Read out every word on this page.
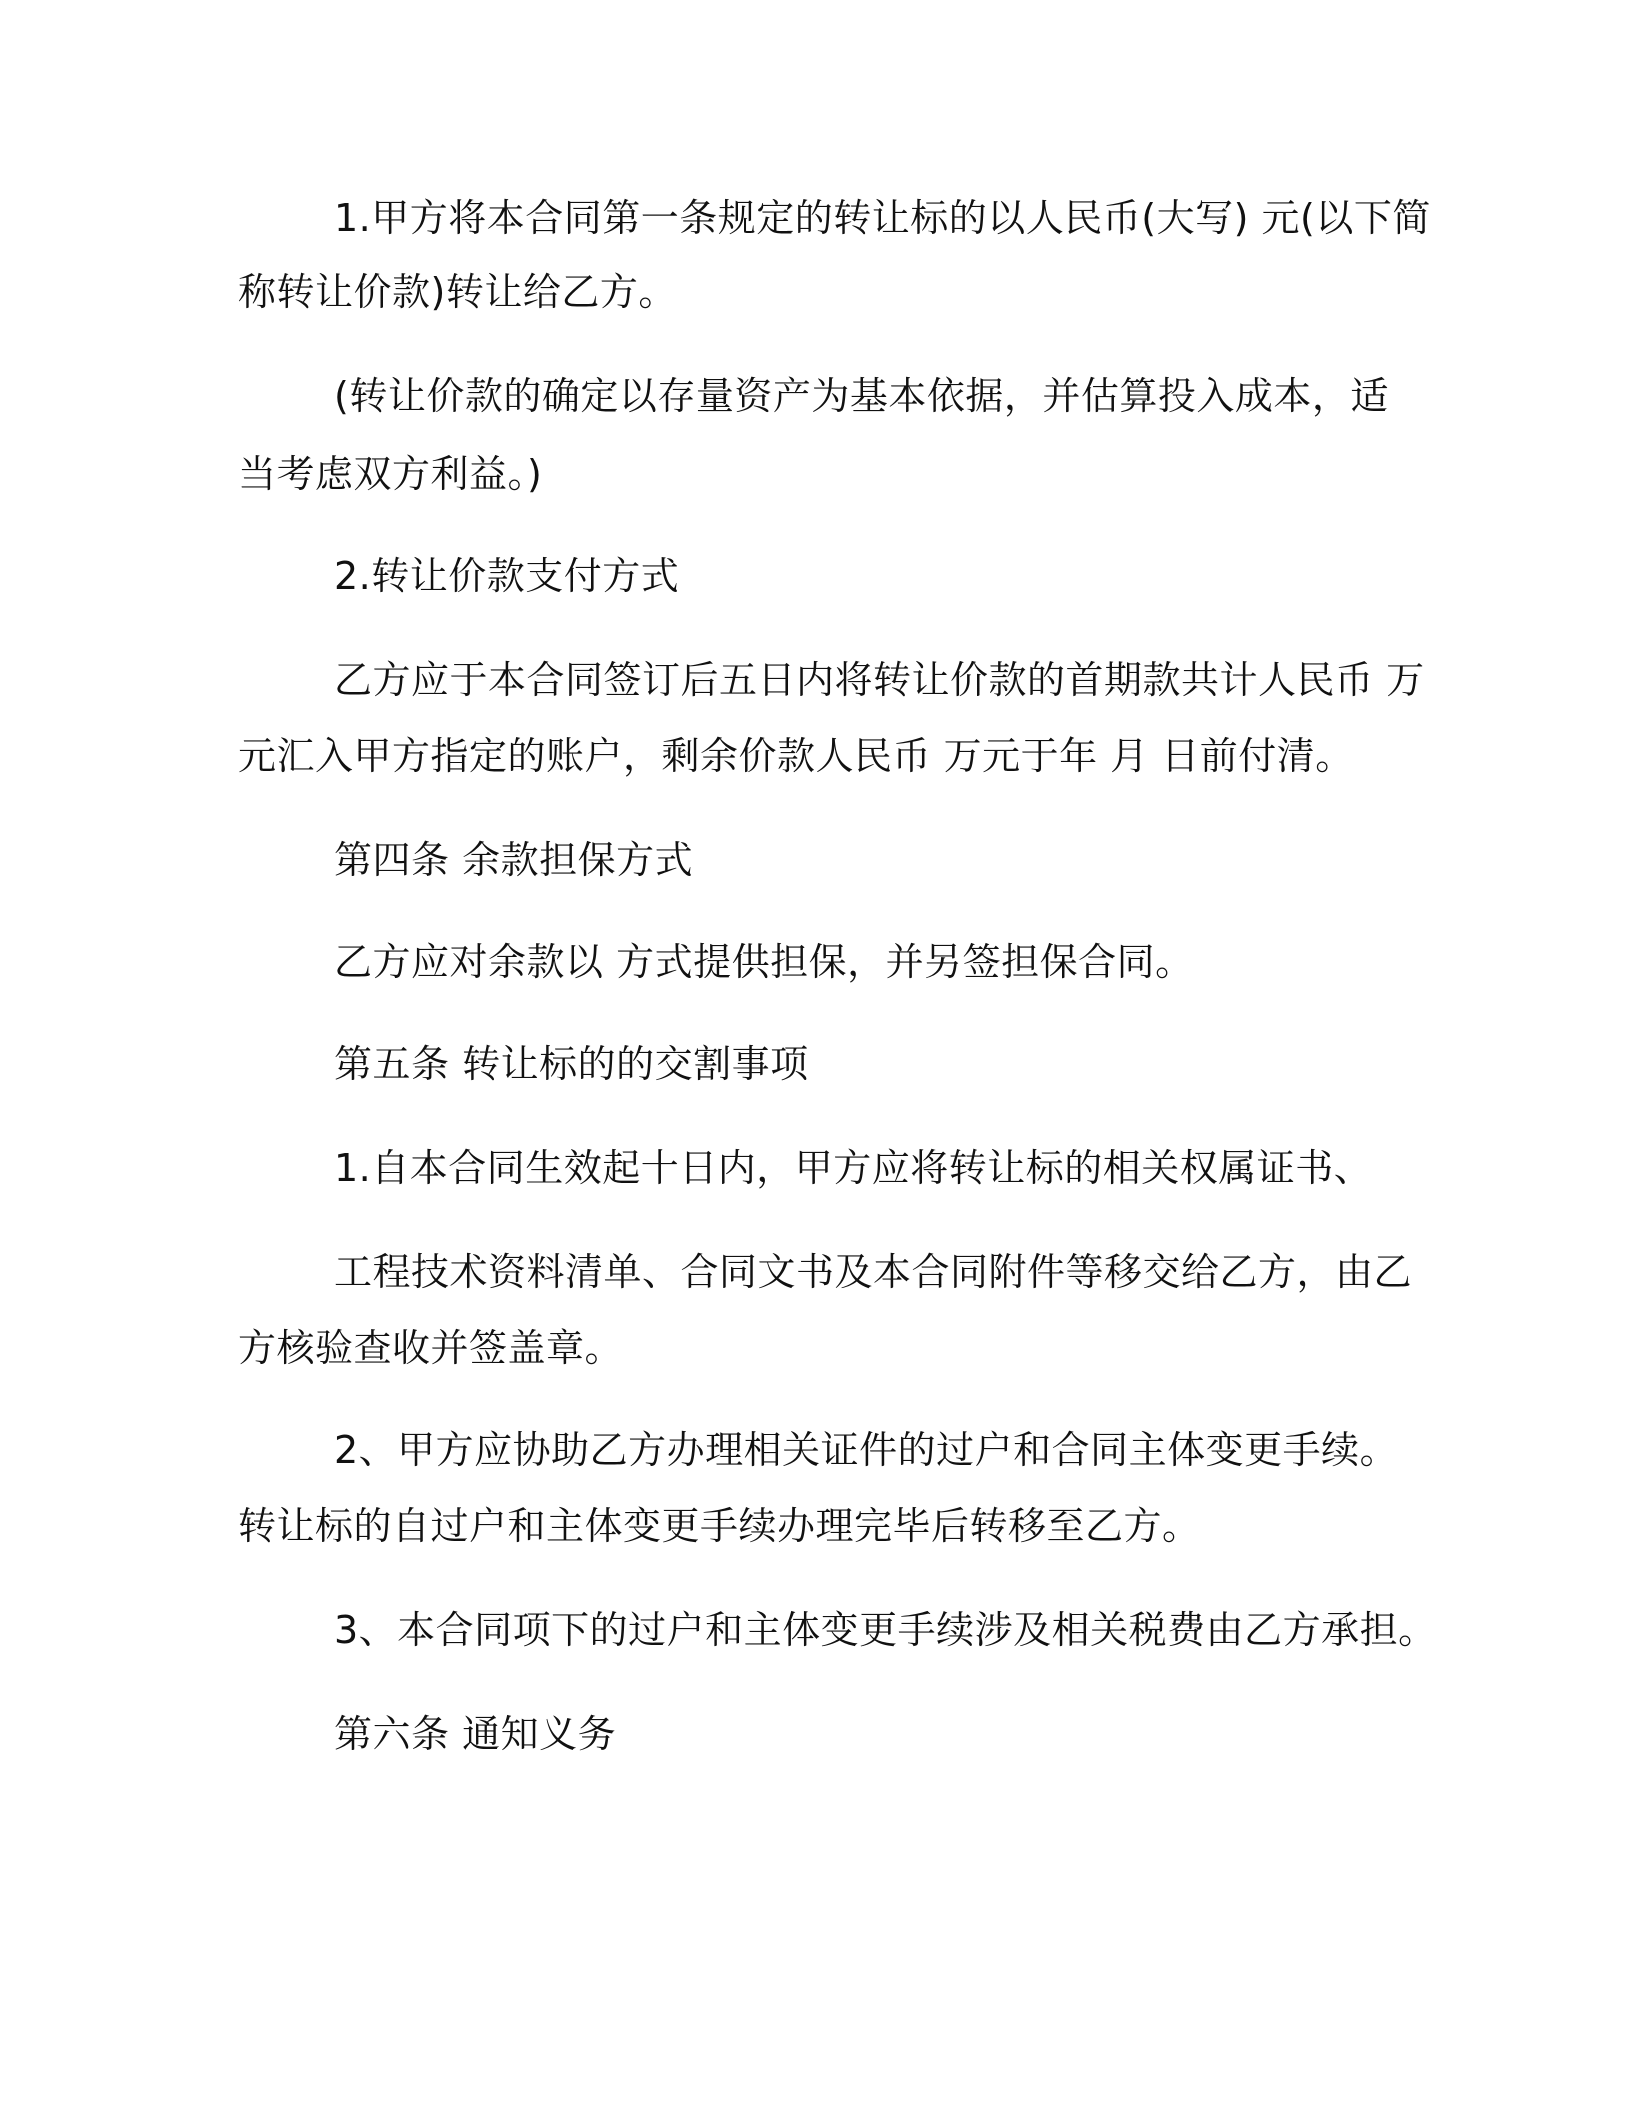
1.甲方将本合同第一条规定的转让标的以人民币(大写) 元(以下简
称转让价款)转让给乙方。
(转让价款的确定以存量资产为基本依据，并估算投入成本，适
当考虑双方利益。)
2.转让价款支付方式
乙方应于本合同签订后五日内将转让价款的首期款共计人民币 万
元汇入甲方指定的账户，剩余价款人民币 万元于年 月 日前付清。
第四条 余款担保方式
乙方应对余款以 方式提供担保，并另签担保合同。
第五条 转让标的的交割事项
1.自本合同生效起十日内，甲方应将转让标的相关权属证书、
工程技术资料清单、合同文书及本合同附件等移交给乙方，由乙
方核验查收并签盖章。
2、甲方应协助乙方办理相关证件的过户和合同主体变更手续。
转让标的自过户和主体变更手续办理完毕后转移至乙方。
3、本合同项下的过户和主体变更手续涉及相关税费由乙方承担。
第六条 通知义务
